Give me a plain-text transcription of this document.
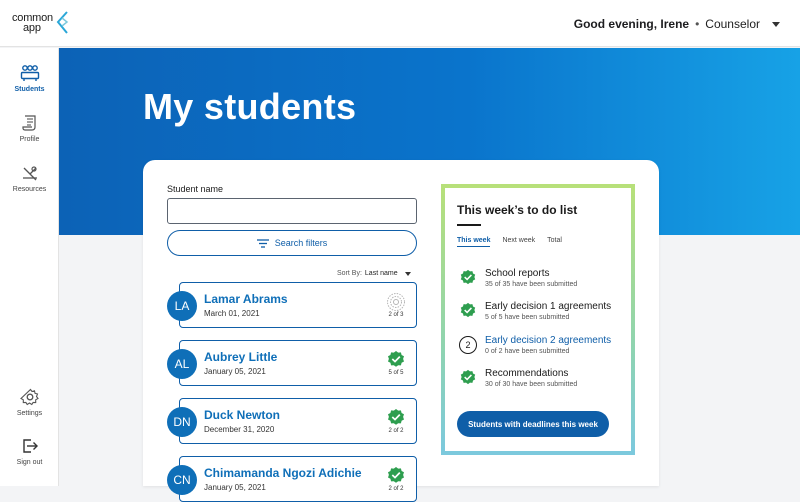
common
app	Good evening, Irene • Counselor
Students
Profile
Resources
Settings
Sign out
My students
Student name
Search filters
Sort By: Last name
LA	Lamar Abrams
March 01, 2021	2 of 3
AL	Aubrey Little
January 05, 2021	5 of 5
DN	Duck Newton
December 31, 2020	2 of 2
CN	Chimamanda Ngozi Adichie
January 05, 2021	2 of 2
This week’s to do list
This week Next week Total
School reports
35 of 35 have been submitted
Early decision 1 agreements
5 of 5 have been submitted
2	Early decision 2 agreements
0 of 2 have been submitted
Recommendations
30 of 30 have been submitted
Students with deadlines this week
